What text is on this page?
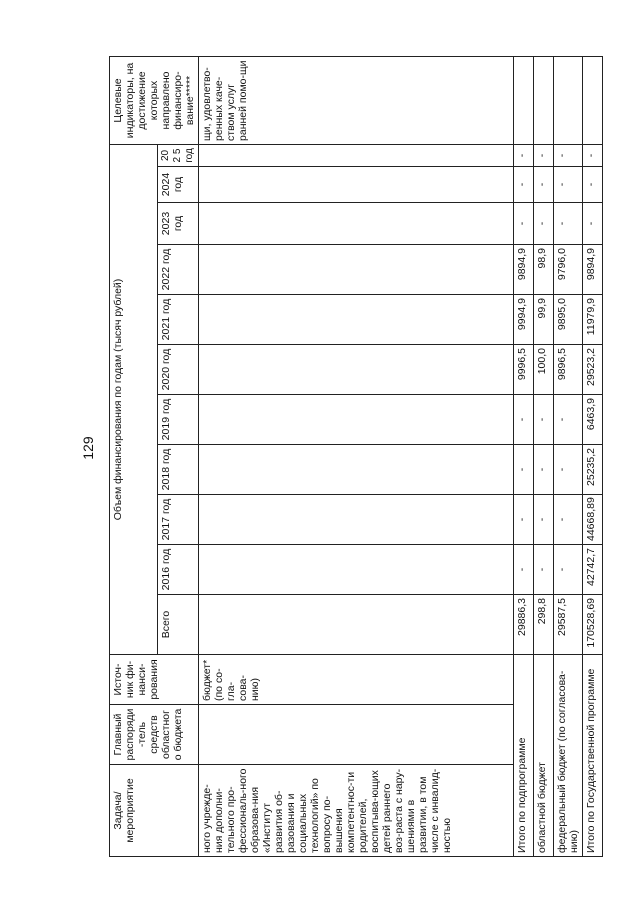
129
Задача/ мероприятие	Главный распоряди-тель средств областного бюджета	Источ-ник фи-нанси-рования	Объем финансирования по годам (тысяч рублей)											Целевые индикаторы, на достижение которых направлено финансиро-вание*****
			Всего	2016 год	2017 год	2018 год	2019 год	2020 год	2021 год	2022 год	2023 год	2024 год	202 5 год	
ного учрежде-ния дополни-тельного про-фессиональ-ного образова-ния «Институт развития об-разования и социальных технологий» по вопросу по-вышения компетентнос-ти родителей, воспитыва-ющих детей раннего воз-раста с нару-шениями в развитии, в том числе с инвалид-ностью		бюджет* (по со-гла-сова-нию)												щи, удовлетво-ренных каче-ством услуг ранней помо-щи
Итого по подпрограмме			29886,3	-	-	-	-	9996,5	9994,9	9894,9	-	-	-	
областной бюджет			298,8	-	-	-	-	100,0	99,9	98,9	-	-	-	
федеральный бюджет (по согласова-нию)			29587,5	-	-	-	-	9896,5	9895,0	9796,0	-	-	-	
Итого по Государственной программе			170528,69	42742,7	44668,89	25235,2	6463,9	29523,2	11979,9	9894,9	-	-	-	
